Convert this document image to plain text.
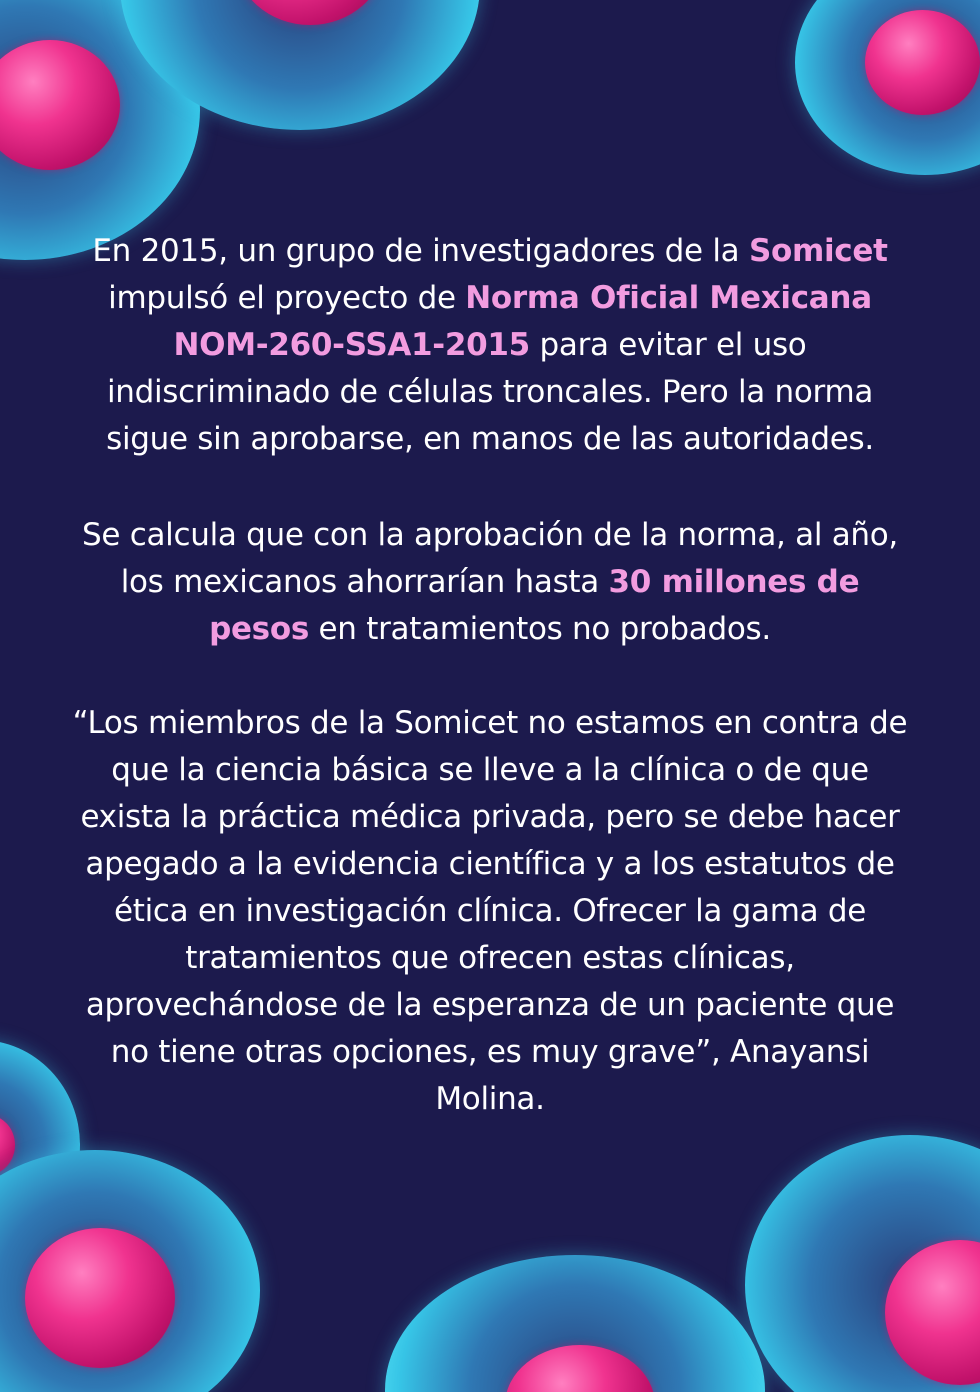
En 2015, un grupo de investigadores de la Somicet impulsó el proyecto de Norma Oficial Mexicana NOM-260-SSA1-2015 para evitar el uso indiscriminado de células troncales. Pero la norma sigue sin aprobarse, en manos de las autoridades.

Se calcula que con la aprobación de la norma, al año, los mexicanos ahorrarían hasta 30 millones de pesos en tratamientos no probados.

“Los miembros de la Somicet no estamos en contra de que la ciencia básica se lleve a la clínica o de que exista la práctica médica privada, pero se debe hacer apegado a la evidencia científica y a los estatutos de ética en investigación clínica. Ofrecer la gama de tratamientos que ofrecen estas clínicas, aprovechándose de la esperanza de un paciente que no tiene otras opciones, es muy grave”, Anayansi Molina.
